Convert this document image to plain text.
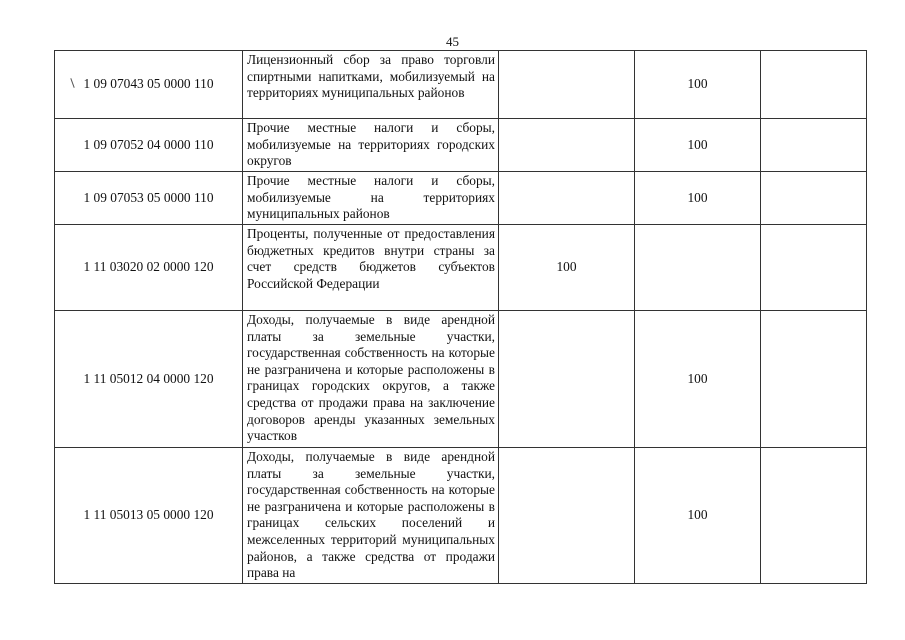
45
1 09 07043 05 0000 110	Лицензионный сбор за право торговли спиртными напитками, мобилизуемый на территориях муниципальных районов		100	
1 09 07052 04 0000 110	Прочие местные налоги и сборы, мобилизуемые на территориях городских округов		100	
1 09 07053 05 0000 110	Прочие местные налоги и сборы, мобилизуемые на территориях муниципальных районов		100	
1 11 03020 02 0000 120	Проценты, полученные от предоставления бюджетных кредитов внутри страны за счет средств бюджетов субъектов Российской Федерации	100		
1 11 05012 04 0000 120	Доходы, получаемые в виде арендной платы за земельные участки, государственная собственность на которые не разграничена и которые расположены в границах городских округов, а также средства от продажи права на заключение договоров аренды указанных земельных участков		100	
1 11 05013 05 0000 120	Доходы, получаемые в виде арендной платы за земельные участки, государственная собственность на которые не разграничена и которые расположены в границах сельских поселений и межселенных территорий муниципальных районов, а также средства от продажи права на		100	
